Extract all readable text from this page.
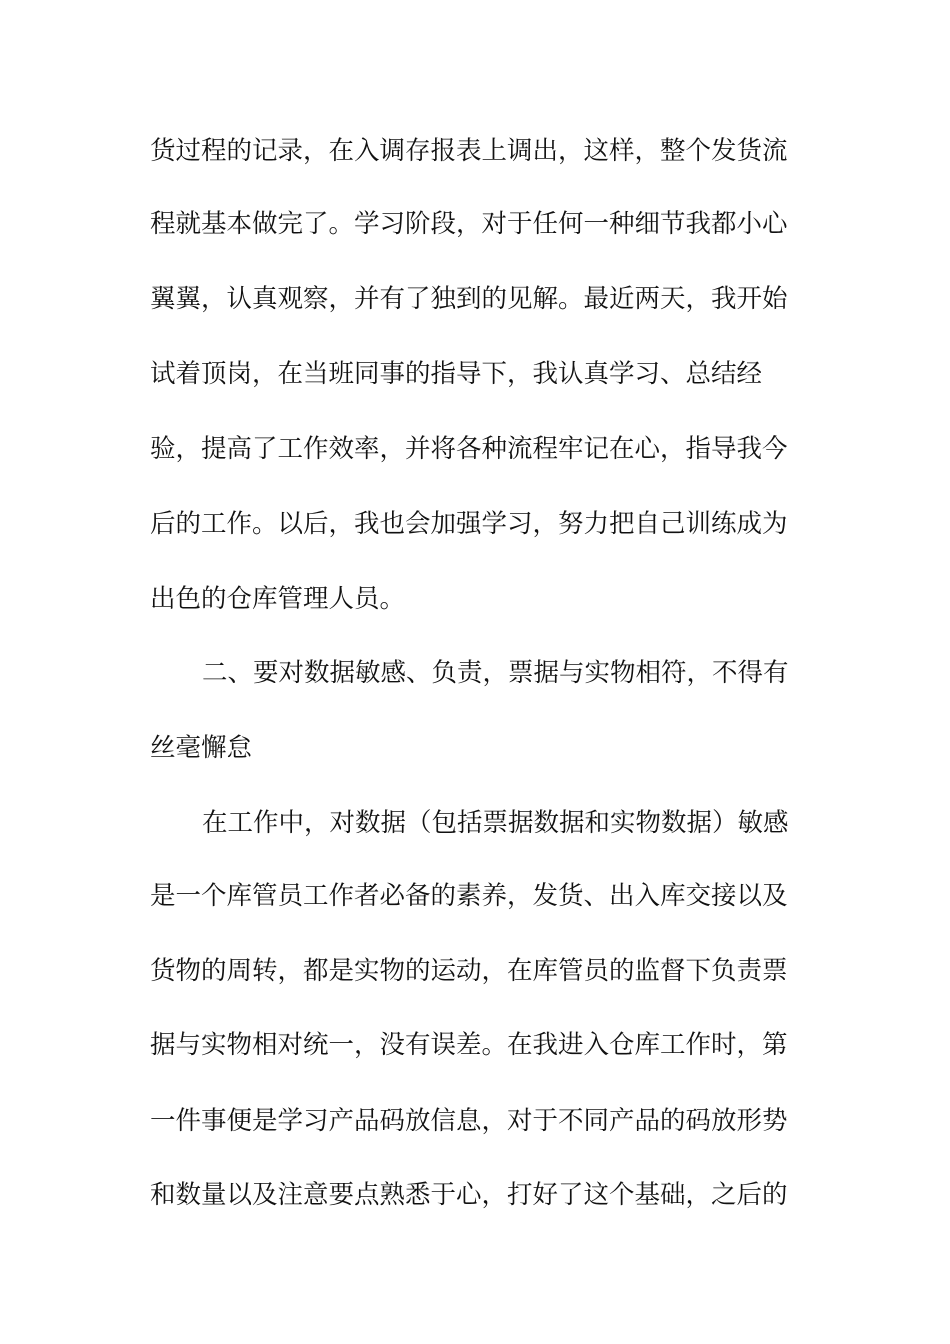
货过程的记录，在入调存报表上调出，这样，整个发货流
程就基本做完了。学习阶段，对于任何一种细节我都小心
翼翼，认真观察，并有了独到的见解。最近两天，我开始
试着顶岗，在当班同事的指导下，我认真学习、总结经
验，提高了工作效率，并将各种流程牢记在心，指导我今
后的工作。以后，我也会加强学习，努力把自己训练成为
出色的仓库管理人员。
二、要对数据敏感、负责，票据与实物相符，不得有
丝毫懈怠
在工作中，对数据（包括票据数据和实物数据）敏感
是一个库管员工作者必备的素养，发货、出入库交接以及
货物的周转，都是实物的运动，在库管员的监督下负责票
据与实物相对统一，没有误差。在我进入仓库工作时，第
一件事便是学习产品码放信息，对于不同产品的码放形势
和数量以及注意要点熟悉于心，打好了这个基础，之后的
